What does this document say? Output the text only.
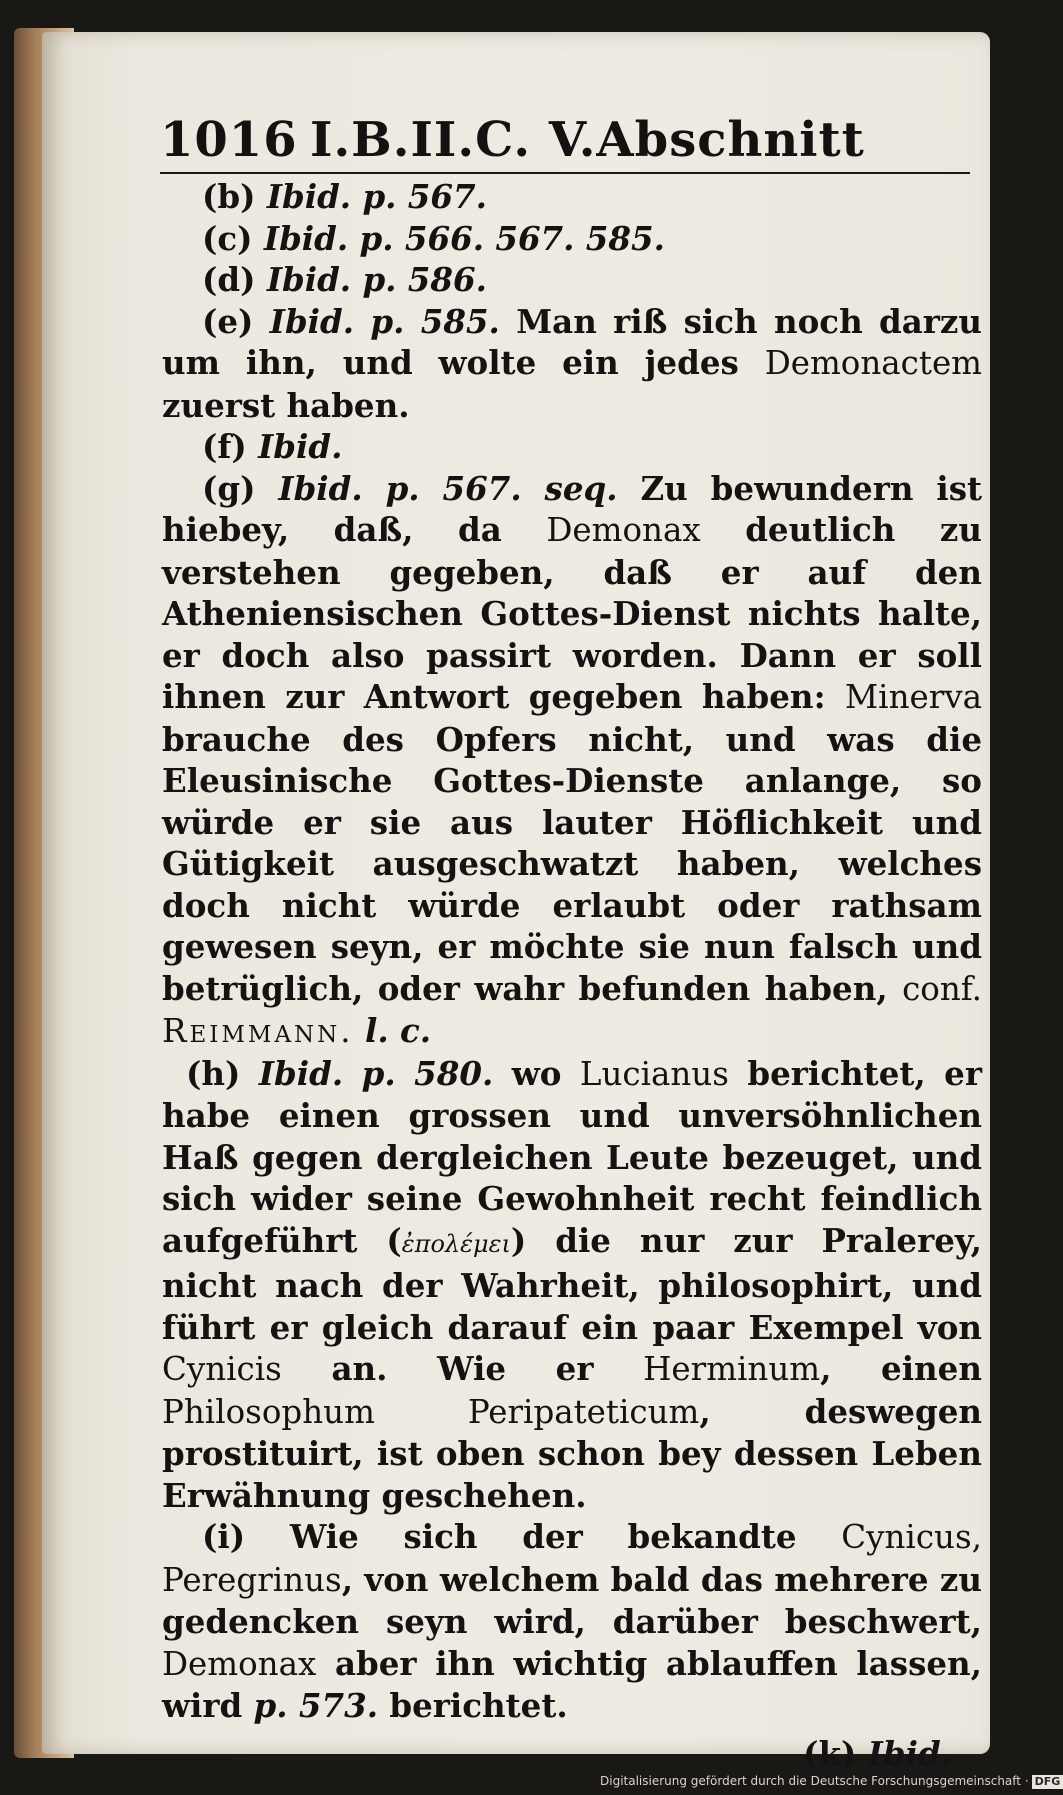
1016 I.B.II.C. V.Abschnitt

(b) Ibid. p. 567.

(c) Ibid. p. 566. 567. 585.

(d) Ibid. p. 586.

(e) Ibid. p. 585. Man riß sich noch darzu um ihn, und wolte ein jedes Demonactem zuerst haben.

(f) Ibid.

(g) Ibid. p. 567. seq. Zu bewundern ist hiebey, daß, da Demonax deutlich zu verstehen gegeben, daß er auf den Atheniensischen Gottes-Dienst nichts halte, er doch also passirt worden. Dann er soll ihnen zur Antwort gegeben haben: Minerva brauche des Opfers nicht, und was die Eleusinische Gottes-Dienste anlange, so würde er sie aus lauter Höflichkeit und Gütigkeit ausgeschwatzt haben, welches doch nicht würde erlaubt oder rathsam gewesen seyn, er möchte sie nun falsch und betrüglich, oder wahr befunden haben, conf. Reimmann. l. c.

(h) Ibid. p. 580. wo Lucianus berichtet, er habe einen grossen und unversöhnlichen Haß gegen dergleichen Leute bezeuget, und sich wider seine Gewohnheit recht feindlich aufgeführt (ἐπολέμει) die nur zur Pralerey, nicht nach der Wahrheit, philosophirt, und führt er gleich darauf ein paar Exempel von Cynicis an. Wie er Herminum, einen Philosophum Peripateticum, deswegen prostituirt, ist oben schon bey dessen Leben Erwähnung geschehen.

(i) Wie sich der bekandte Cynicus, Peregrinus, von welchem bald das mehrere zu gedencken seyn wird, darüber beschwert, Demonax aber ihn wichtig ablauffen lassen, wird p. 573. berichtet.

(k) Ibid.

Digitalisierung gefördert durch die Deutsche Forschungsgemeinschaft · DFG
